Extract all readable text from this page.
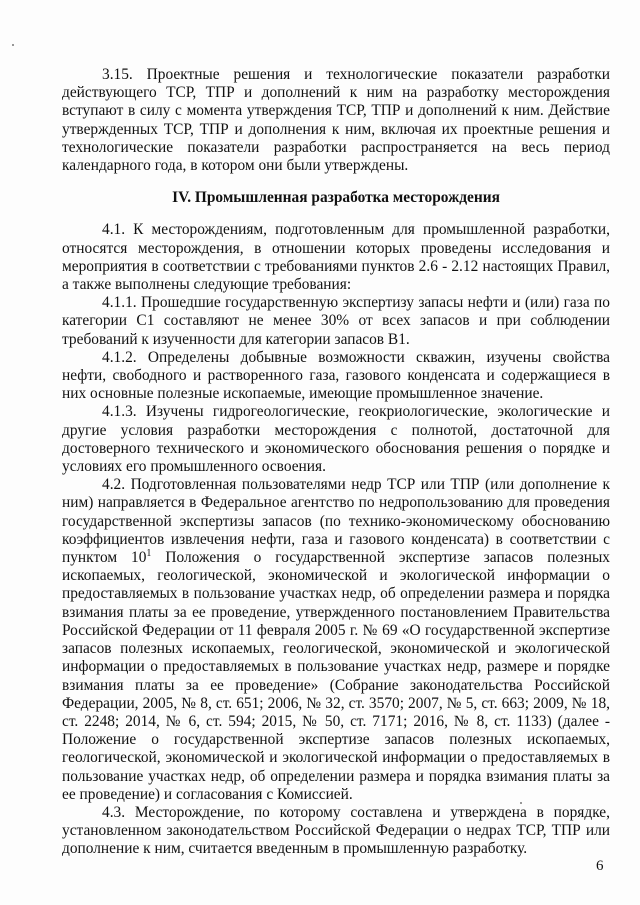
3.15. Проектные решения и технологические показатели разработки действующего ТСР, ТПР и дополнений к ним на разработку месторождения вступают в силу с момента утверждения ТСР, ТПР и дополнений к ним. Действие утвержденных ТСР, ТПР и дополнения к ним, включая их проектные решения и технологические показатели разработки распространяется на весь период календарного года, в котором они были утверждены.

IV. Промышленная разработка месторождения

4.1. К месторождениям, подготовленным для промышленной разработки, относятся месторождения, в отношении которых проведены исследования и мероприятия в соответствии с требованиями пунктов 2.6 - 2.12 настоящих Правил, а также выполнены следующие требования:

4.1.1. Прошедшие государственную экспертизу запасы нефти и (или) газа по категории С1 составляют не менее 30% от всех запасов и при соблюдении требований к изученности для категории запасов В1.

4.1.2. Определены добывные возможности скважин, изучены свойства нефти, свободного и растворенного газа, газового конденсата и содержащиеся в них основные полезные ископаемые, имеющие промышленное значение.

4.1.3. Изучены гидрогеологические, геокриологические, экологические и другие условия разработки месторождения с полнотой, достаточной для достоверного технического и экономического обоснования решения о порядке и условиях его промышленного освоения.

4.2. Подготовленная пользователями недр ТСР или ТПР (или дополнение к ним) направляется в Федеральное агентство по недропользованию для проведения государственной экспертизы запасов (по технико-экономическому обоснованию коэффициентов извлечения нефти, газа и газового конденсата) в соответствии с пунктом $10^1$ Положения о государственной экспертизе запасов полезных ископаемых, геологической, экономической и экологической информации о предоставляемых в пользование участках недр, об определении размера и порядка взимания платы за ее проведение, утвержденного постановлением Правительства Российской Федерации от 11 февраля 2005 г. № 69 «О государственной экспертизе запасов полезных ископаемых, геологической, экономической и экологической информации о предоставляемых в пользование участках недр, размере и порядке взимания платы за ее проведение» (Собрание законодательства Российской Федерации, 2005, № 8, ст. 651; 2006, № 32, ст. 3570; 2007, № 5, ст. 663; 2009, № 18, ст. 2248; 2014, № 6, ст. 594; 2015, № 50, ст. 7171; 2016, № 8, ст. 1133) (далее - Положение о государственной экспертизе запасов полезных ископаемых, геологической, экономической и экологической информации о предоставляемых в пользование участках недр, об определении размера и порядка взимания платы за ее проведение) и согласования с Комиссией.

4.3. Месторождение, по которому составлена и утверждена в порядке, установленном законодательством Российской Федерации о недрах ТСР, ТПР или дополнение к ним, считается введенным в промышленную разработку.

6
